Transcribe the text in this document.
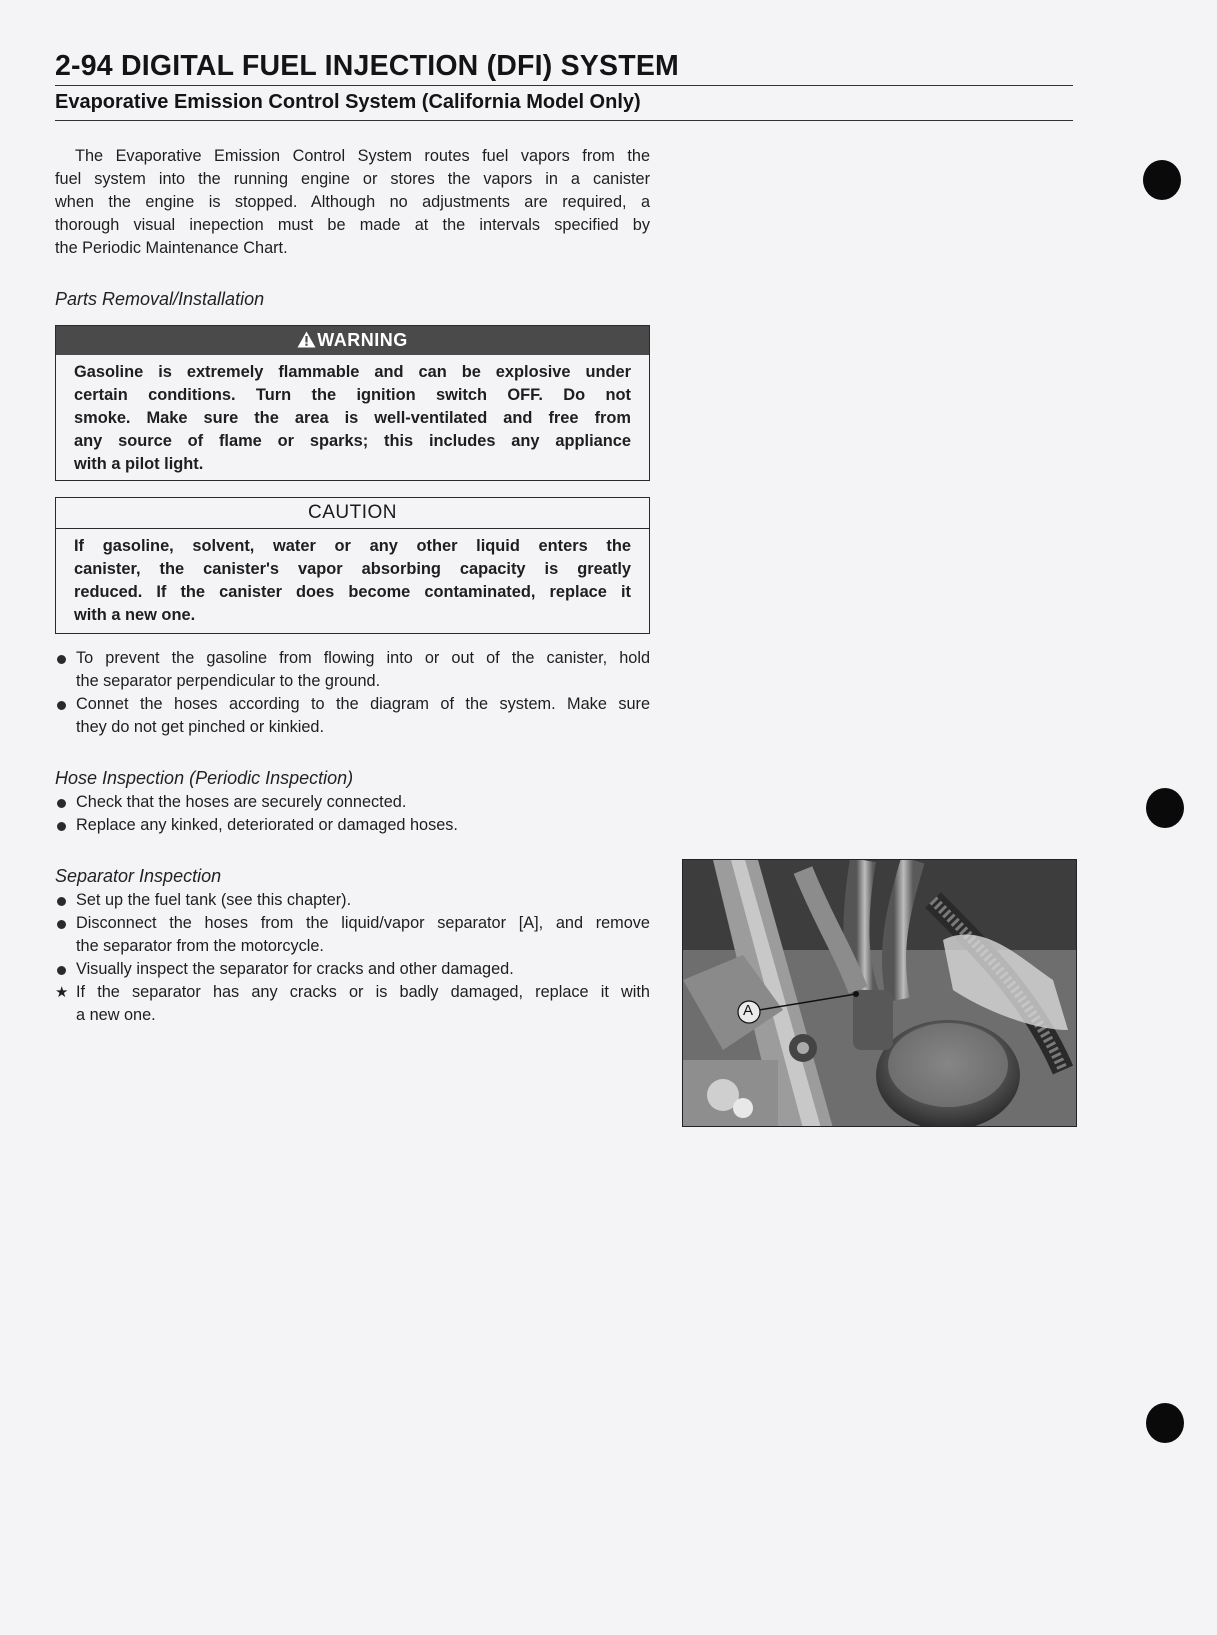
2-94 DIGITAL FUEL INJECTION (DFI) SYSTEM
Evaporative Emission Control System (California Model Only)

The Evaporative Emission Control System routes fuel vapors from the
fuel system into the running engine or stores the vapors in a canister
when the engine is stopped. Although no adjustments are required, a
thorough visual inepection must be made at the intervals specified by
the Periodic Maintenance Chart.

Parts Removal/Installation
WARNING

Gasoline is extremely flammable and can be explosive under
certain conditions. Turn the ignition switch OFF. Do not
smoke. Make sure the area is well-ventilated and free from
any source of flame or sparks; this includes any appliance
with a pilot light.

CAUTION

If gasoline, solvent, water or any other liquid enters the
canister, the canister's vapor absorbing capacity is greatly
reduced. If the canister does become contaminated, replace it
with a new one.

To prevent the gasoline from flowing into or out of the canister, hold
the separator perpendicular to the ground.
Connet the hoses according to the diagram of the system. Make sure
they do not get pinched or kinkied.
Hose Inspection (Periodic Inspection)
Check that the hoses are securely connected.
Replace any kinked, deteriorated or damaged hoses.
Separator Inspection
Set up the fuel tank (see this chapter).
Disconnect the hoses from the liquid/vapor separator [A], and remove
the separator from the motorcycle.
Visually inspect the separator for cracks and other damaged.
★ If the separator has any cracks or is badly damaged, replace it with
a new one.	A
